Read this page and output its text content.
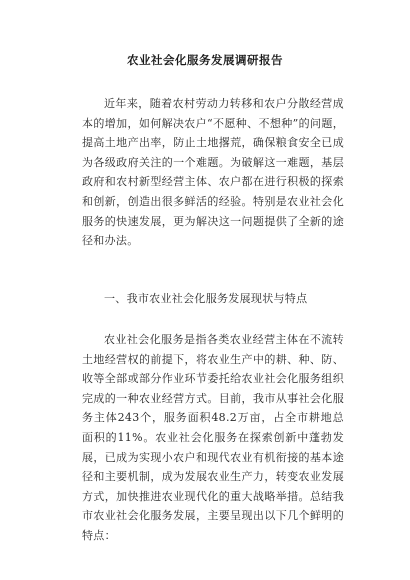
农业社会化服务发展调研报告

近年来，随着农村劳动力转移和农户分散经营成本的增加，如何解决农户“不愿种、不想种”的问题，提高土地产出率，防止土地撂荒，确保粮食安全已成为各级政府关注的一个难题。为破解这一难题，基层政府和农村新型经营主体、农户都在进行积极的探索和创新，创造出很多鲜活的经验。特别是农业社会化服务的快速发展，更为解决这一问题提供了全新的途径和办法。

一、我市农业社会化服务发展现状与特点

农业社会化服务是指各类农业经营主体在不流转土地经营权的前提下，将农业生产中的耕、种、防、收等全部或部分作业环节委托给农业社会化服务组织完成的一种农业经营方式。目前，我市从事社会化服务主体243个，服务面积48.2万亩，占全市耕地总面积的11%。农业社会化服务在探索创新中蓬勃发展，已成为实现小农户和现代农业有机衔接的基本途径和主要机制，成为发展农业生产力，转变农业发展方式，加快推进农业现代化的重大战略举措。总结我市农业社会化服务发展，主要呈现出以下几个鲜明的特点：
